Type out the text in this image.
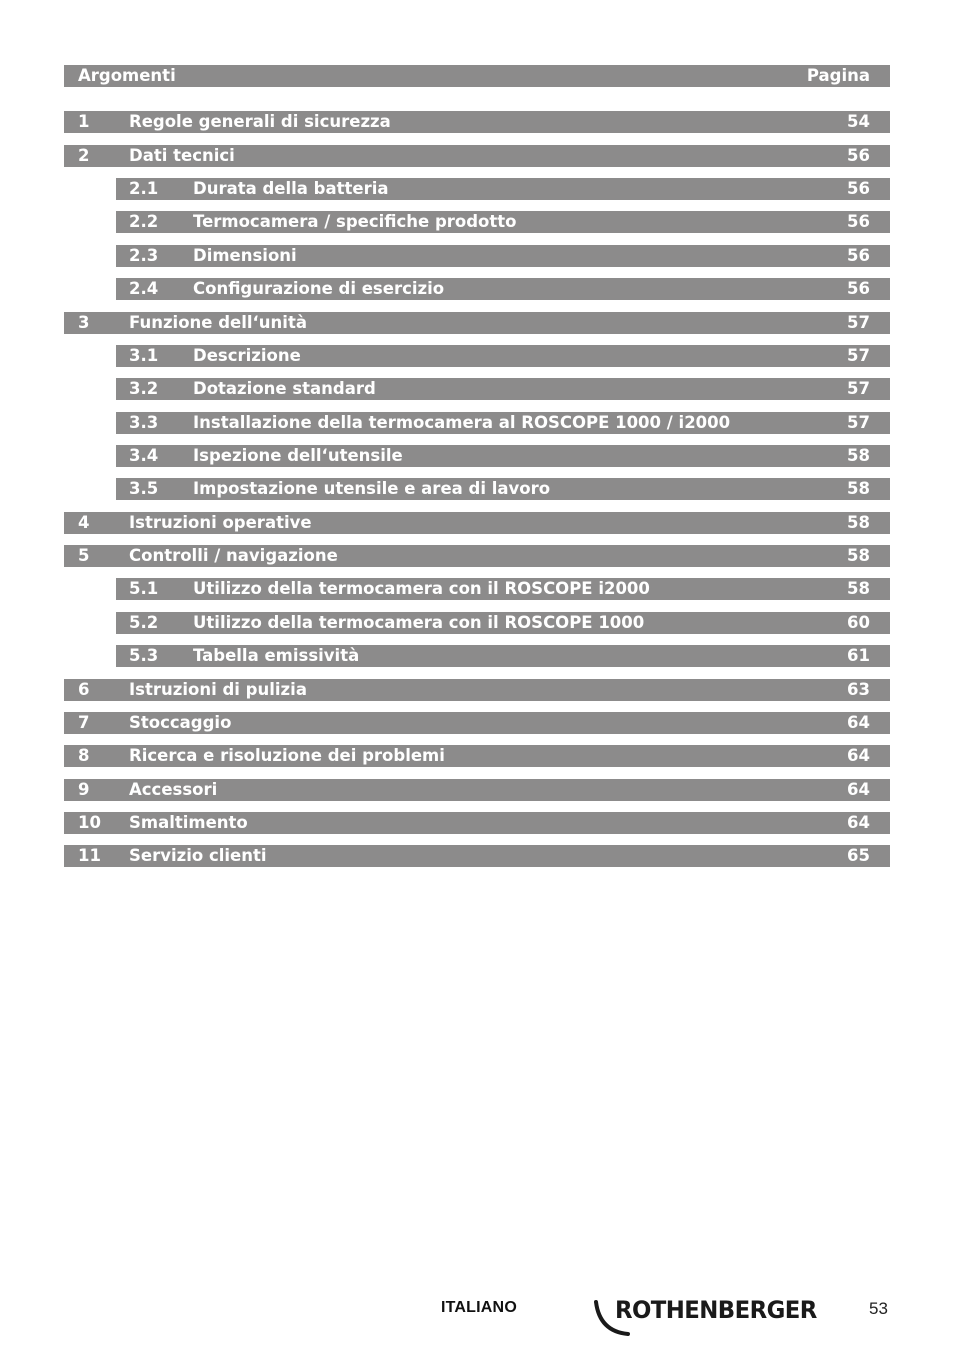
Argomenti	Pagina
1 Regole generali di sicurezza	54
2 Dati tecnici	56
2.1 Durata della batteria	56
2.2 Termocamera / specifiche prodotto	56
2.3 Dimensioni	56
2.4 Configurazione di esercizio	56
3 Funzione dell‘unità	57
3.1 Descrizione	57
3.2 Dotazione standard	57
3.3 Installazione della termocamera al ROSCOPE 1000 / i2000	57
3.4 Ispezione dell‘utensile	58
3.5 Impostazione utensile e area di lavoro	58
4 Istruzioni operative	58
5 Controlli / navigazione	58
5.1 Utilizzo della termocamera con il ROSCOPE i2000	58
5.2 Utilizzo della termocamera con il ROSCOPE 1000	60
5.3 Tabella emissività	61
6 Istruzioni di pulizia	63
7 Stoccaggio	64
8 Ricerca e risoluzione dei problemi	64
9 Accessori	64
10 Smaltimento	64
11 Servizio clienti	65
ITALIANO	ROTHENBERGER	53
